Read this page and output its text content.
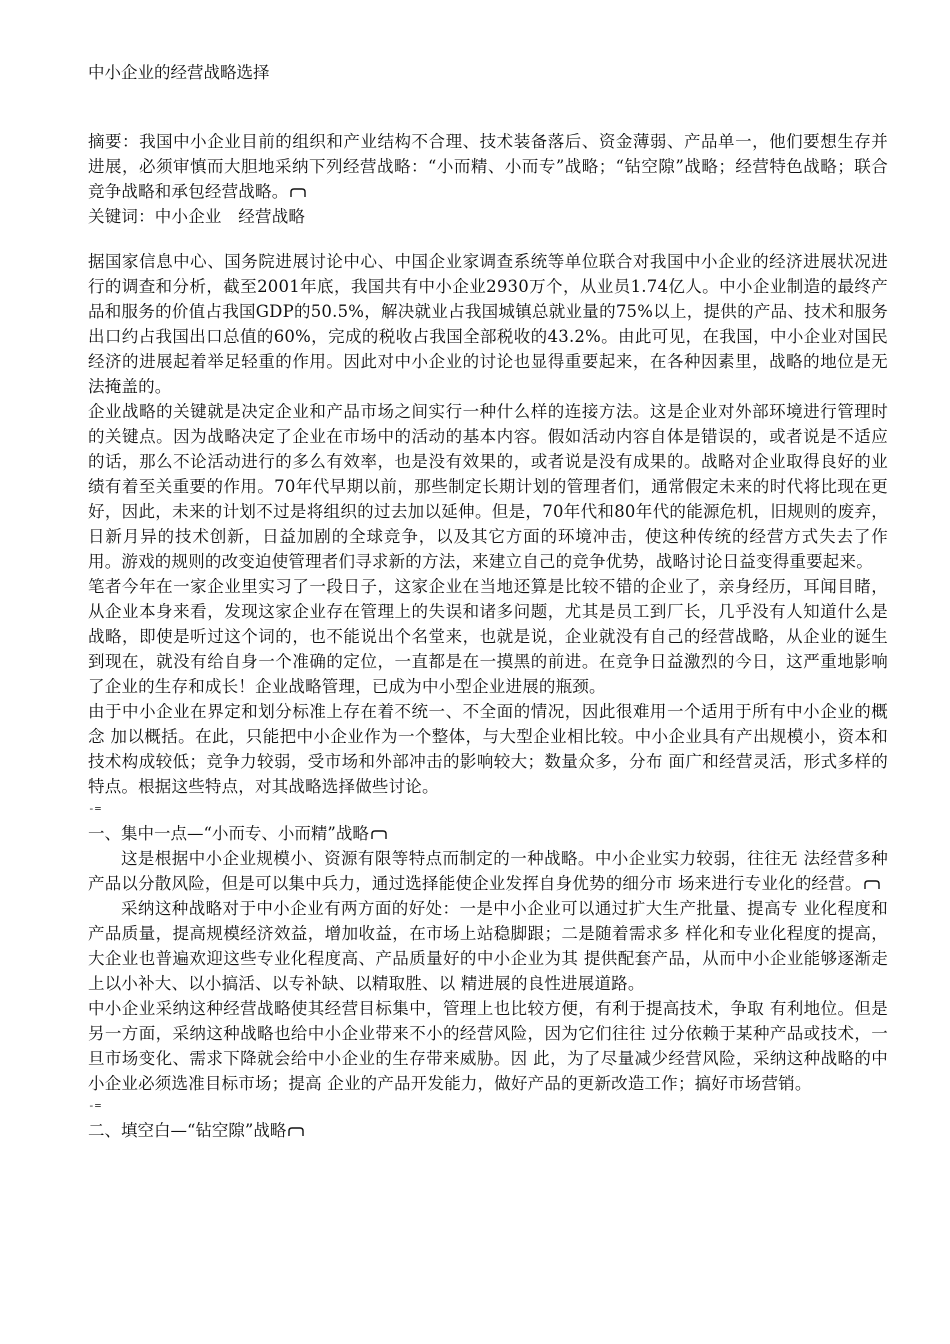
中小企业的经营战略选择

摘要：我国中小企业目前的组织和产业结构不合理、技术装备落后、资金薄弱、产品单一，他们要想生存并进展，必须审慎而大胆地采纳下列经营战略：“小而精、小而专”战略；“钻空隙”战略；经营特色战略；联合竞争战略和承包经营战略。

关键词：中小企业　经营战略

据国家信息中心、国务院进展讨论中心、中国企业家调查系统等单位联合对我国中小企业的经济进展状况进行的调查和分析，截至2001年底，我国共有中小企业2930万个，从业员1.74亿人。中小企业制造的最终产品和服务的价值占我国GDP的50.5%，解决就业占我国城镇总就业量的75%以上，提供的产品、技术和服务出口约占我国出口总值的60%，完成的税收占我国全部税收的43.2%。由此可见，在我国，中小企业对国民经济的进展起着举足轻重的作用。因此对中小企业的讨论也显得重要起来，在各种因素里，战略的地位是无法掩盖的。

企业战略的关键就是决定企业和产品市场之间实行一种什么样的连接方法。这是企业对外部环境进行管理时的关键点。因为战略决定了企业在市场中的活动的基本内容。假如活动内容自体是错误的，或者说是不适应的话，那么不论活动进行的多么有效率，也是没有效果的，或者说是没有成果的。战略对企业取得良好的业绩有着至关重要的作用。70年代早期以前，那些制定长期计划的管理者们，通常假定未来的时代将比现在更好，因此，未来的计划不过是将组织的过去加以延伸。但是，70年代和80年代的能源危机，旧规则的废弃，日新月异的技术创新，日益加剧的全球竞争，以及其它方面的环境冲击，使这种传统的经营方式失去了作用。游戏的规则的改变迫使管理者们寻求新的方法，来建立自己的竞争优势，战略讨论日益变得重要起来。

笔者今年在一家企业里实习了一段日子，这家企业在当地还算是比较不错的企业了，亲身经历，耳闻目睹，从企业本身来看，发现这家企业存在管理上的失误和诸多问题，尤其是员工到厂长，几乎没有人知道什么是战略，即使是听过这个词的，也不能说出个名堂来，也就是说，企业就没有自己的经营战略，从企业的诞生到现在，就没有给自身一个准确的定位，一直都是在一摸黑的前进。在竞争日益激烈的今日，这严重地影响了企业的生存和成长！企业战略管理，已成为中小型企业进展的瓶颈。

由于中小企业在界定和划分标准上存在着不统一、不全面的情况，因此很难用一个适用于所有中小企业的概念 加以概括。在此，只能把中小企业作为一个整体，与大型企业相比较。中小企业具有产出规模小，资本和技术构成较低；竞争力较弱，受市场和外部冲击的影响较大；数量众多，分布 面广和经营灵活，形式多样的特点。根据这些特点，对其战略选择做些讨论。

-=

一、集中一点—“小而专、小而精”战略

这是根据中小企业规模小、资源有限等特点而制定的一种战略。中小企业实力较弱，往往无 法经营多种产品以分散风险，但是可以集中兵力，通过选择能使企业发挥自身优势的细分市 场来进行专业化的经营。

采纳这种战略对于中小企业有两方面的好处：一是中小企业可以通过扩大生产批量、提高专 业化程度和产品质量，提高规模经济效益，增加收益，在市场上站稳脚跟；二是随着需求多 样化和专业化程度的提高，大企业也普遍欢迎这些专业化程度高、产品质量好的中小企业为其 提供配套产品，从而中小企业能够逐渐走上以小补大、以小搞活、以专补缺、以精取胜、以 精进展的良性进展道路。

中小企业采纳这种经营战略使其经营目标集中，管理上也比较方便，有利于提高技术，争取 有利地位。但是另一方面，采纳这种战略也给中小企业带来不小的经营风险，因为它们往往 过分依赖于某种产品或技术，一旦市场变化、需求下降就会给中小企业的生存带来威胁。因 此，为了尽量减少经营风险，采纳这种战略的中小企业必须选准目标市场；提高 企业的产品开发能力，做好产品的更新改造工作；搞好市场营销。

-=

二、填空白—“钻空隙”战略
